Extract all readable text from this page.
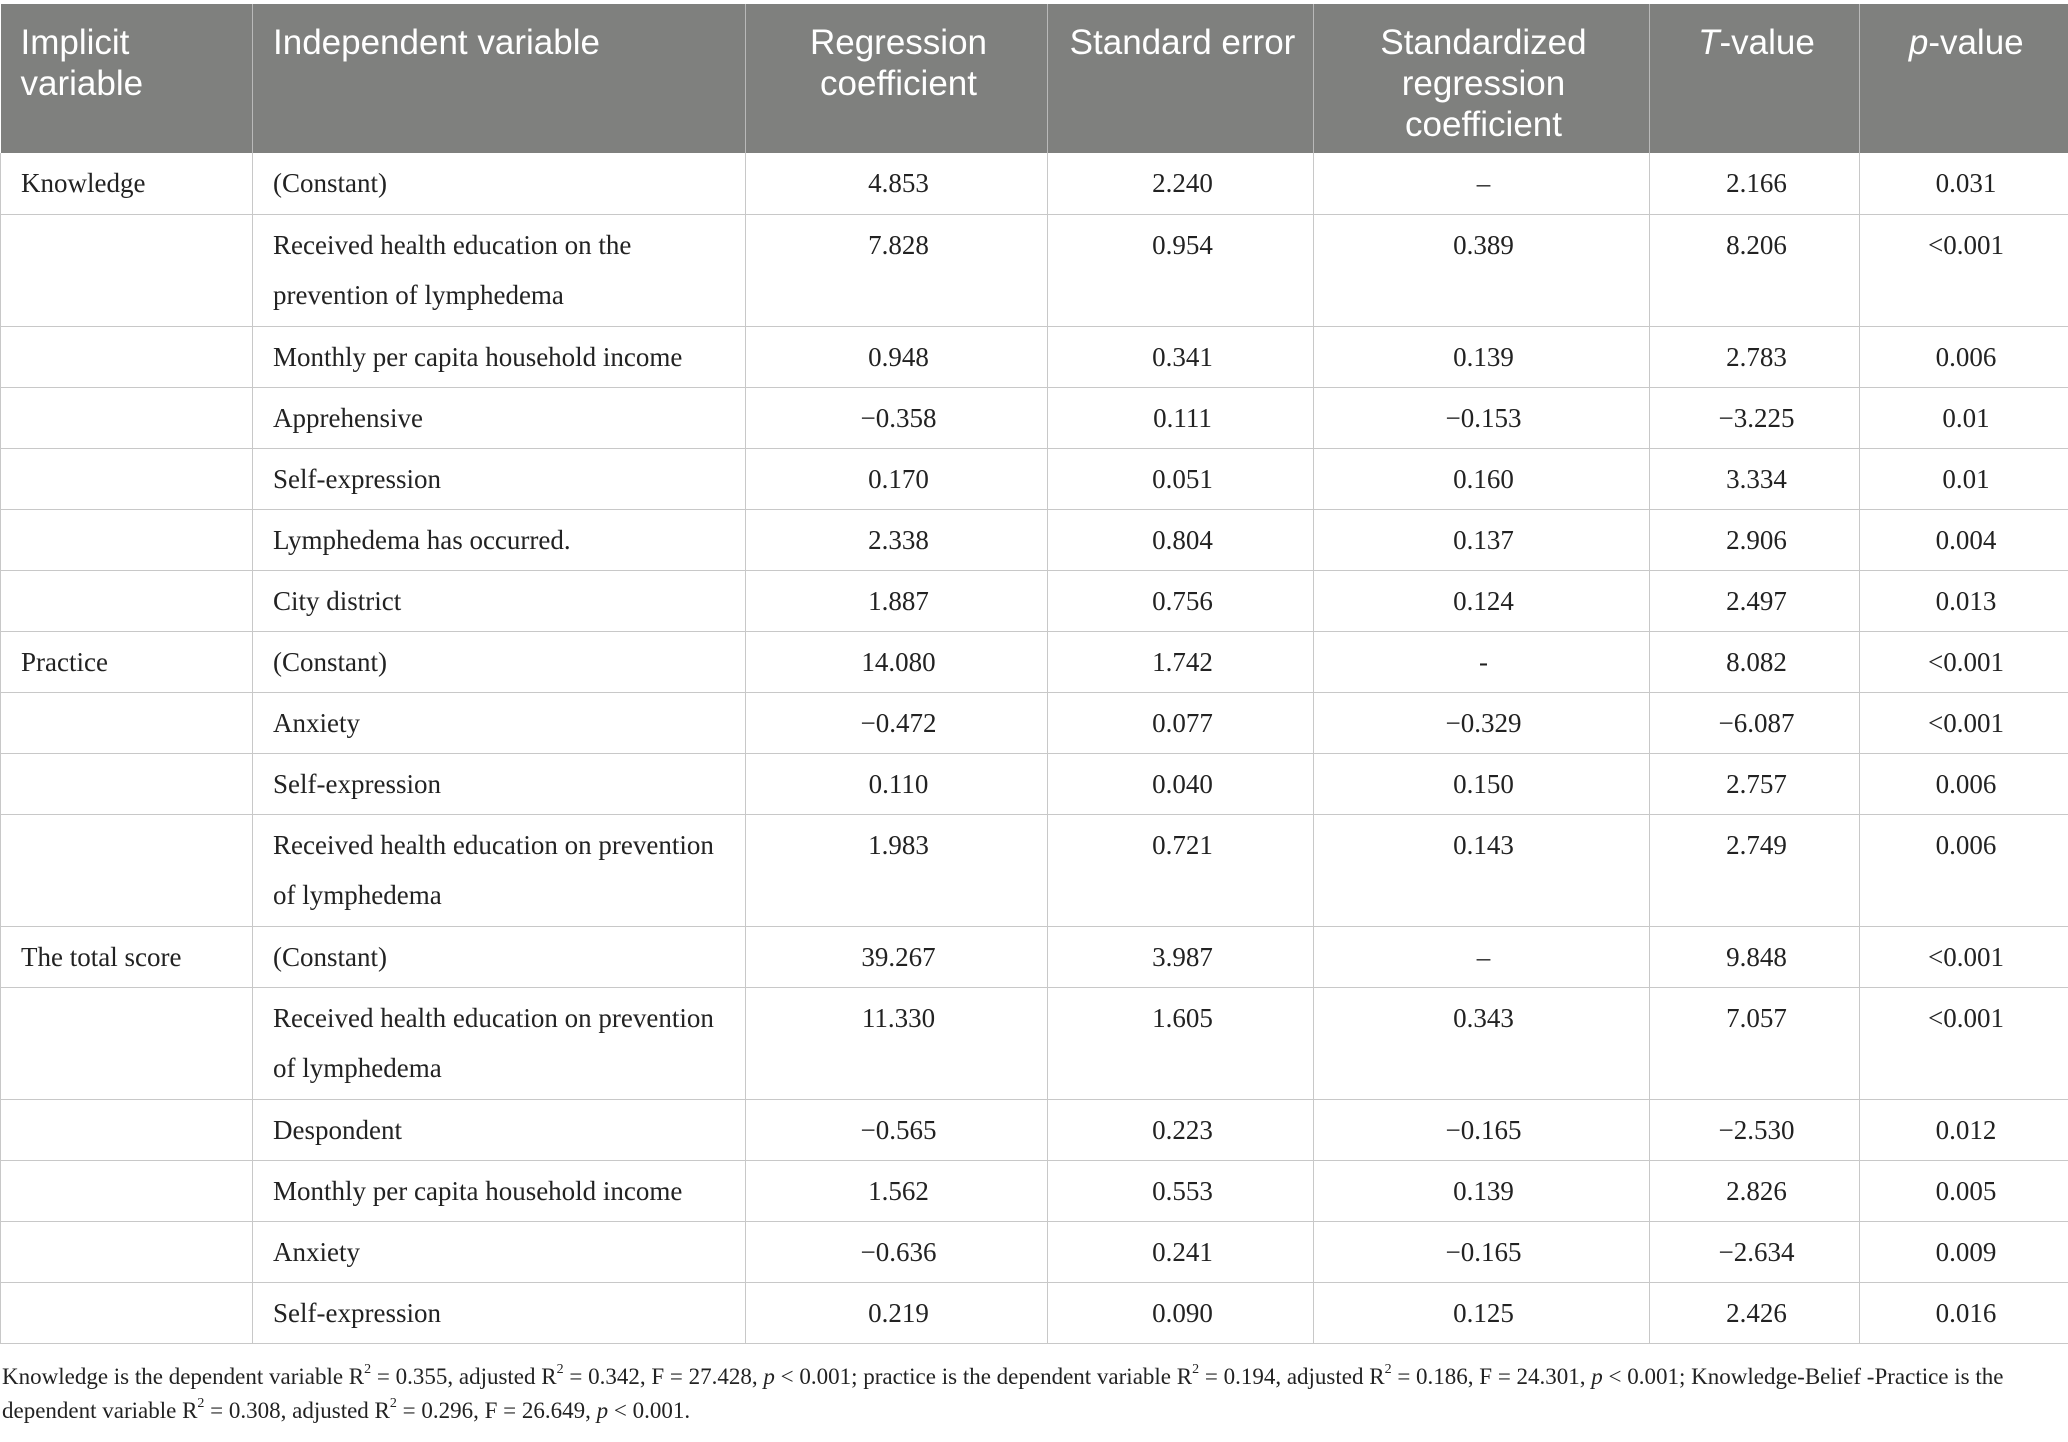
Implicit variable	Independent variable	Regression coefficient	Standard error	Standardized regression coefficient	T-value	p-value
Knowledge	(Constant)	4.853	2.240	–	2.166	0.031
	Received health education on the prevention of lymphedema	7.828	0.954	0.389	8.206	<0.001
	Monthly per capita household income	0.948	0.341	0.139	2.783	0.006
	Apprehensive	−0.358	0.111	−0.153	−3.225	0.01
	Self-expression	0.170	0.051	0.160	3.334	0.01
	Lymphedema has occurred.	2.338	0.804	0.137	2.906	0.004
	City district	1.887	0.756	0.124	2.497	0.013
Practice	(Constant)	14.080	1.742	-	8.082	<0.001
	Anxiety	−0.472	0.077	−0.329	−6.087	<0.001
	Self-expression	0.110	0.040	0.150	2.757	0.006
	Received health education on prevention of lymphedema	1.983	0.721	0.143	2.749	0.006
The total score	(Constant)	39.267	3.987	–	9.848	<0.001
	Received health education on prevention of lymphedema	11.330	1.605	0.343	7.057	<0.001
	Despondent	−0.565	0.223	−0.165	−2.530	0.012
	Monthly per capita household income	1.562	0.553	0.139	2.826	0.005
	Anxiety	−0.636	0.241	−0.165	−2.634	0.009
	Self-expression	0.219	0.090	0.125	2.426	0.016
Knowledge is the dependent variable $R^2 = 0.355$, adjusted $R^2 = 0.342$, F = 27.428, p < 0.001; practice is the dependent variable $R^2 = 0.194$, adjusted $R^2 = 0.186$, F = 24.301, p < 0.001; Knowledge-Belief -Practice is the dependent variable $R^2 = 0.308$, adjusted $R^2 = 0.296$, F = 26.649, p < 0.001.
